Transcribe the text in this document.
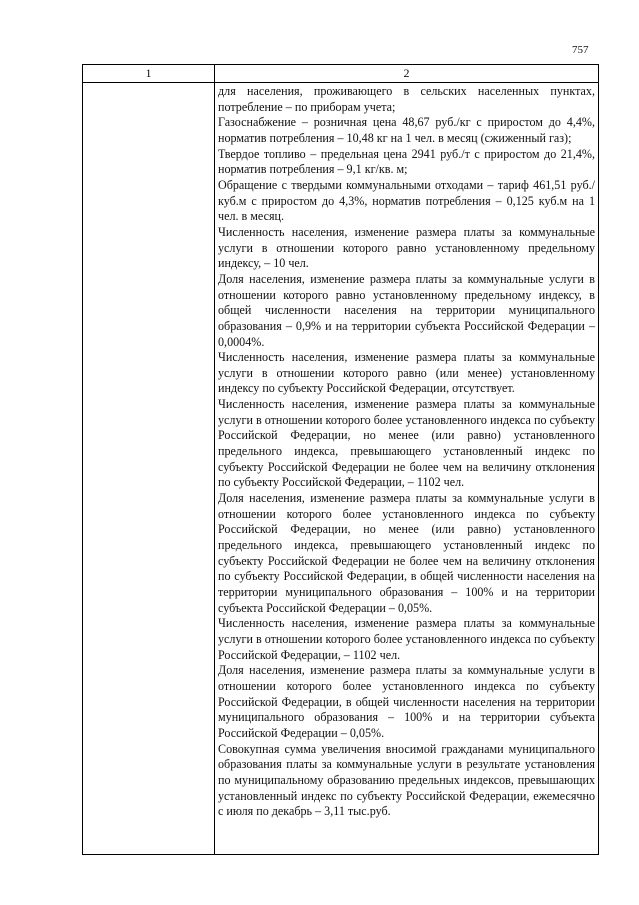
757
1	2

для населения, проживающего в сельских населенных пунктах, потребление – по приборам учета;

Газоснабжение – розничная цена 48,67 руб./кг с приростом до 4,4%, норматив потребления – 10,48 кг на 1 чел. в месяц (сжиженный газ);

Твердое топливо – предельная цена 2941 руб./т с приростом до 21,4%, норматив потребления – 9,1 кг/кв. м;

Обращение с твердыми коммунальными отходами – тариф 461,51 руб./куб.м с приростом до 4,3%, норматив потребления – 0,125 куб.м на 1 чел. в месяц.

Численность населения, изменение размера платы за коммунальные услуги в отношении которого равно установленному предельному индексу, – 10 чел.

Доля населения, изменение размера платы за коммунальные услуги в отношении которого равно установленному предельному индексу, в общей численности населения на территории муниципального образования – 0,9% и на территории субъекта Российской Федерации – 0,0004%.

Численность населения, изменение размера платы за коммунальные услуги в отношении которого равно (или менее) установленному индексу по субъекту Российской Федерации, отсутствует.

Численность населения, изменение размера платы за коммунальные услуги в отношении которого более установленного индекса по субъекту Российской Федерации, но менее (или равно) установленного предельного индекса, превышающего установленный индекс по субъекту Российской Федерации не более чем на величину отклонения по субъекту Российской Федерации, – 1102 чел.

Доля населения, изменение размера платы за коммунальные услуги в отношении которого более установленного индекса по субъекту Российской Федерации, но менее (или равно) установленного предельного индекса, превышающего установленный индекс по субъекту Российской Федерации не более чем на величину отклонения по субъекту Российской Федерации, в общей численности населения на территории муниципального образования – 100% и на территории субъекта Российской Федерации – 0,05%.

Численность населения, изменение размера платы за коммунальные услуги в отношении которого более установленного индекса по субъекту Российской Федерации, – 1102 чел.

Доля населения, изменение размера платы за коммунальные услуги в отношении которого более установленного индекса по субъекту Российской Федерации, в общей численности населения на территории муниципального образования – 100% и на территории субъекта Российской Федерации – 0,05%.

Совокупная сумма увеличения вносимой гражданами муниципального образования платы за коммунальные услуги в результате установления по муниципальному образованию предельных индексов, превышающих установленный индекс по субъекту Российской Федерации, ежемесячно с июля по декабрь – 3,11 тыс.руб.
